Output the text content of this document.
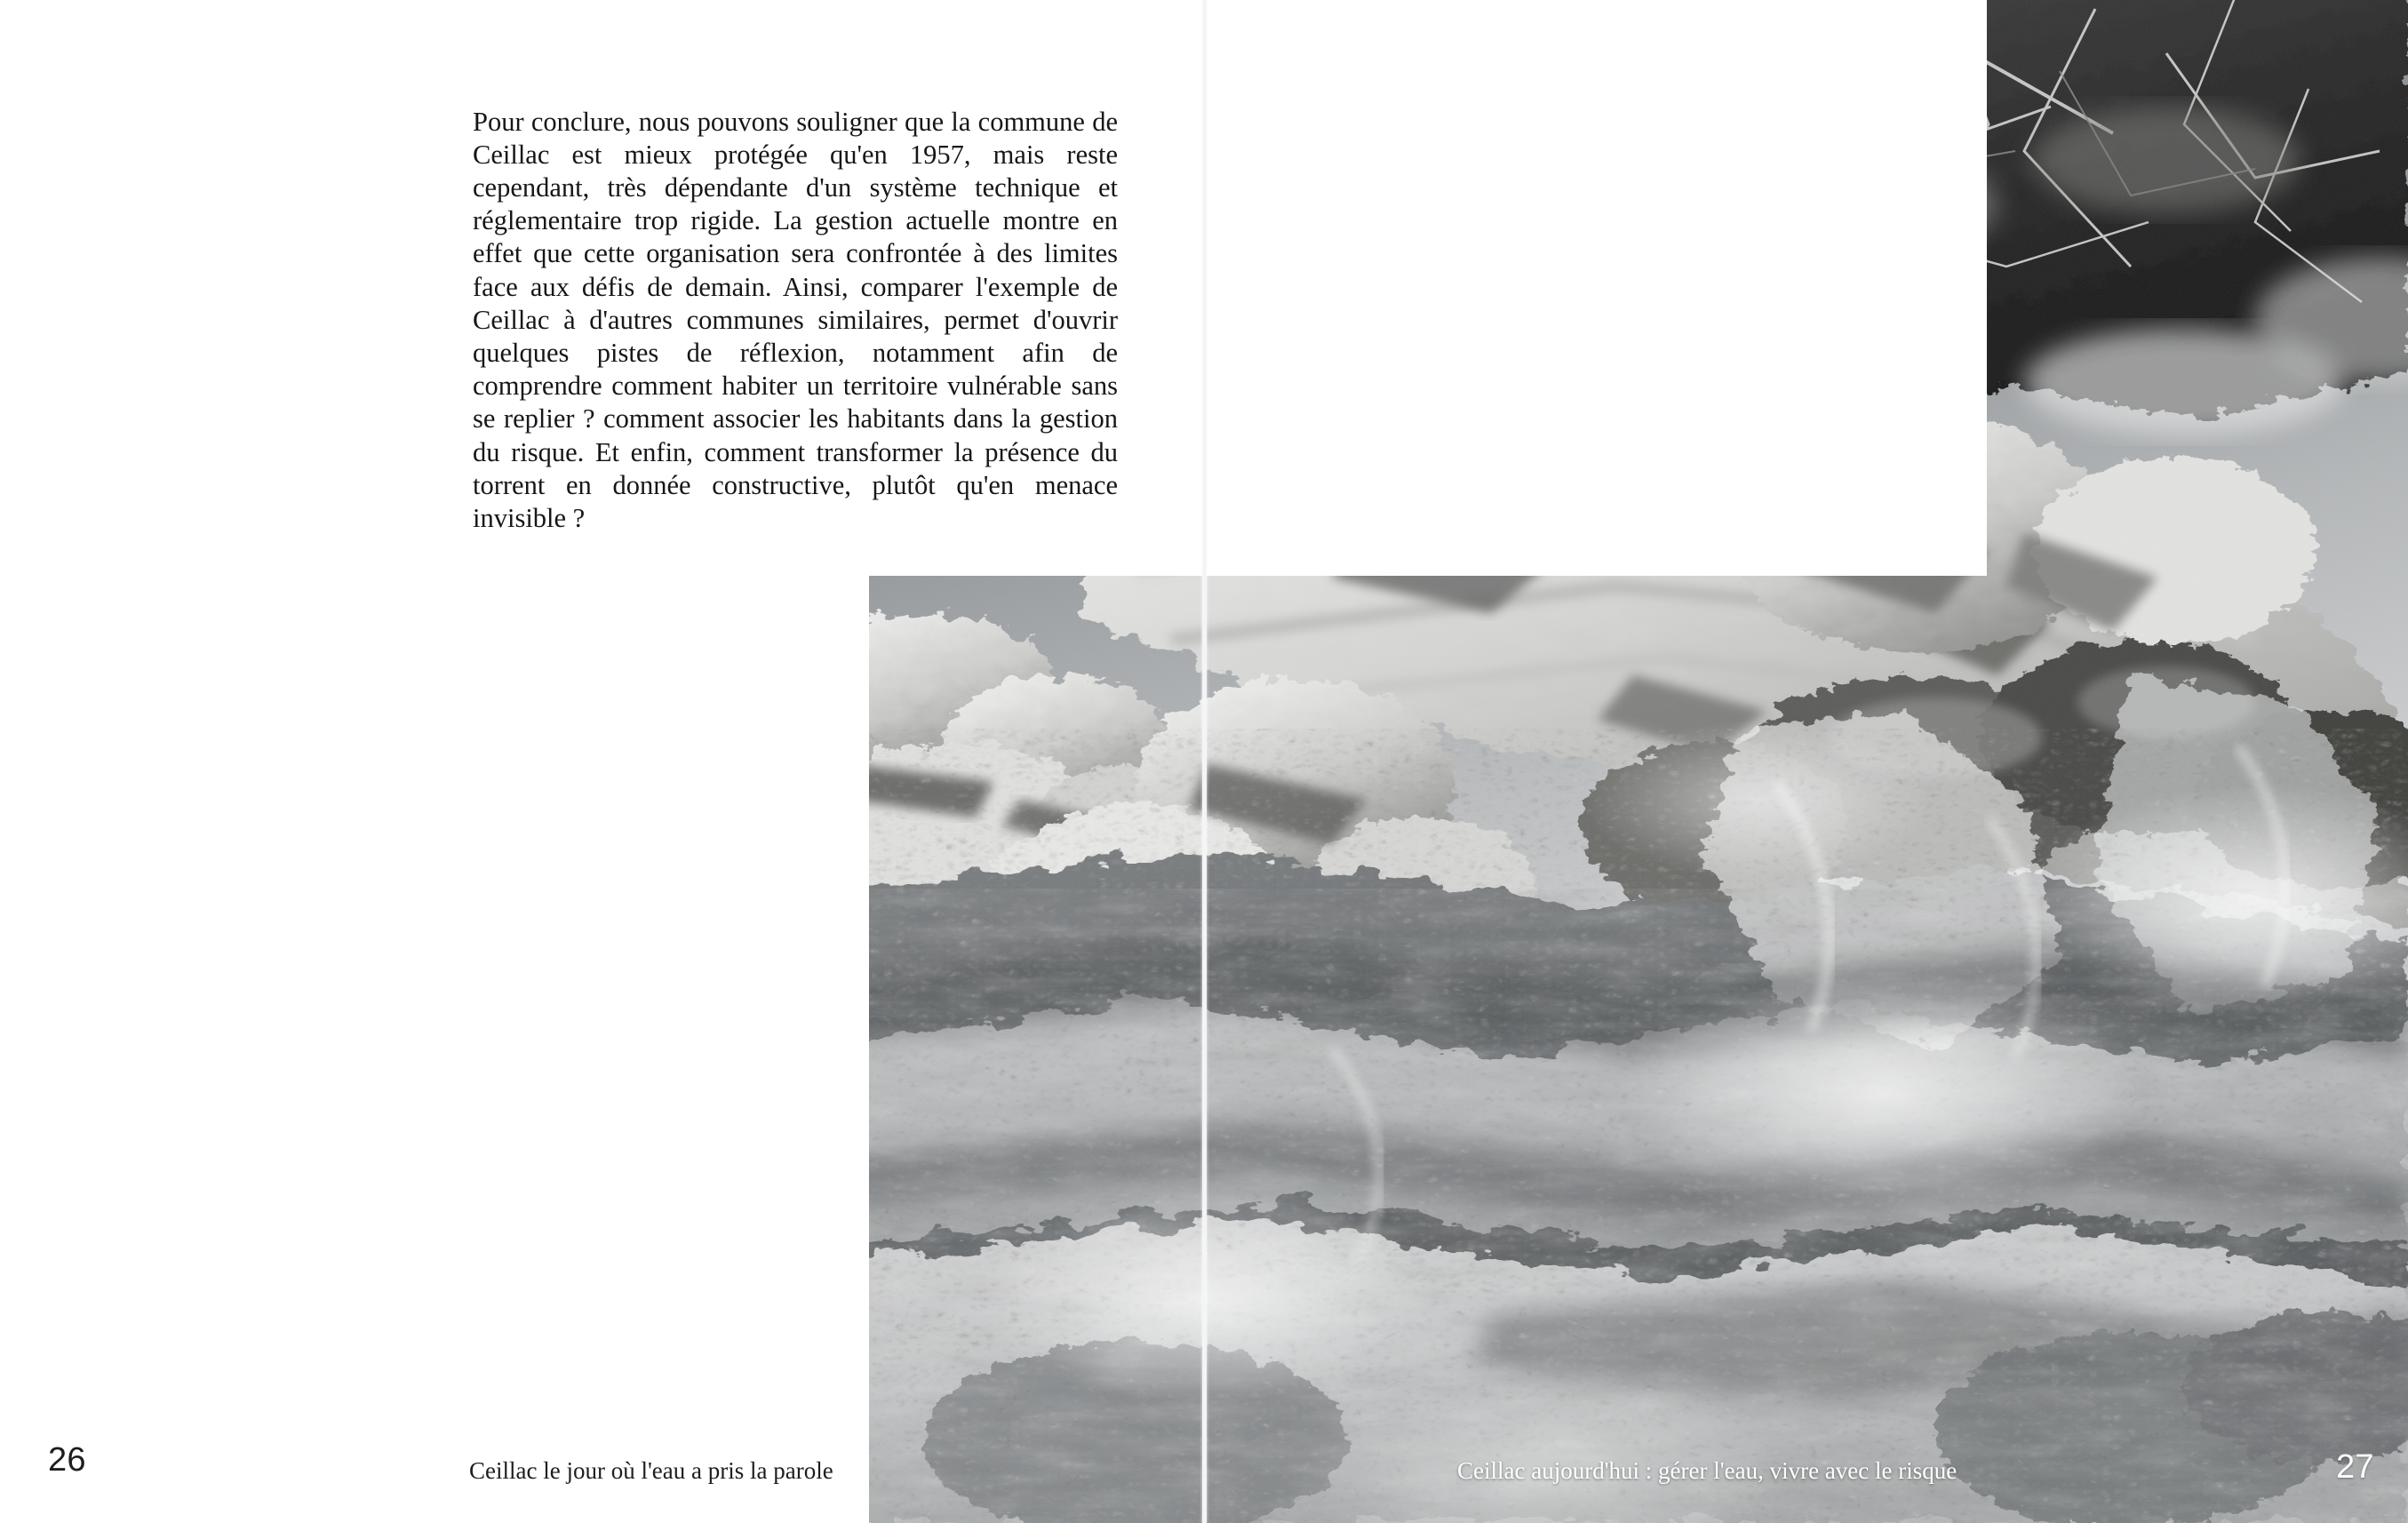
Pour conclure, nous pouvons souligner que la commune de Ceillac est mieux protégée qu'en 1957, mais reste cependant, très dépendante d'un système technique et réglementaire trop rigide. La gestion actuelle montre en effet que cette organisation sera confrontée à des limites face aux défis de demain. Ainsi, comparer l'exemple de Ceillac à d'autres communes similaires, permet d'ouvrir quelques pistes de réflexion, notamment afin de comprendre comment habiter un territoire vulnérable sans se replier ? comment associer les habitants dans la gestion du risque. Et enfin, comment transformer la présence du torrent en donnée constructive, plutôt qu'en menace invisible ?

26	Ceillac le jour où l'eau a pris la parole	Ceillac aujourd'hui : gérer l'eau, vivre avec le risque	27
